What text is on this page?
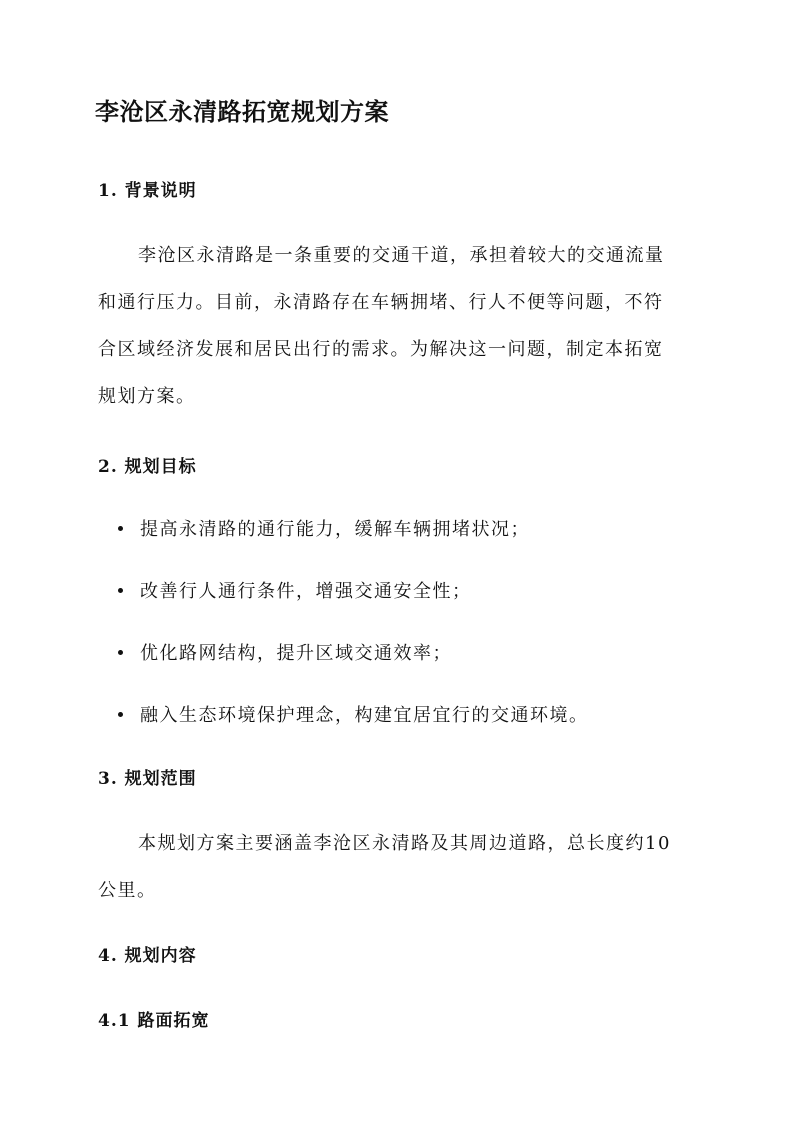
李沧区永清路拓宽规划方案
1. 背景说明
李沧区永清路是一条重要的交通干道，承担着较大的交通流量
和通行压力。目前，永清路存在车辆拥堵、行人不便等问题，不符
合区域经济发展和居民出行的需求。为解决这一问题，制定本拓宽
规划方案。
2. 规划目标
提高永清路的通行能力，缓解车辆拥堵状况；
改善行人通行条件，增强交通安全性；
优化路网结构，提升区域交通效率；
融入生态环境保护理念，构建宜居宜行的交通环境。
3. 规划范围
本规划方案主要涵盖李沧区永清路及其周边道路，总长度约10
公里。
4. 规划内容
4.1 路面拓宽
